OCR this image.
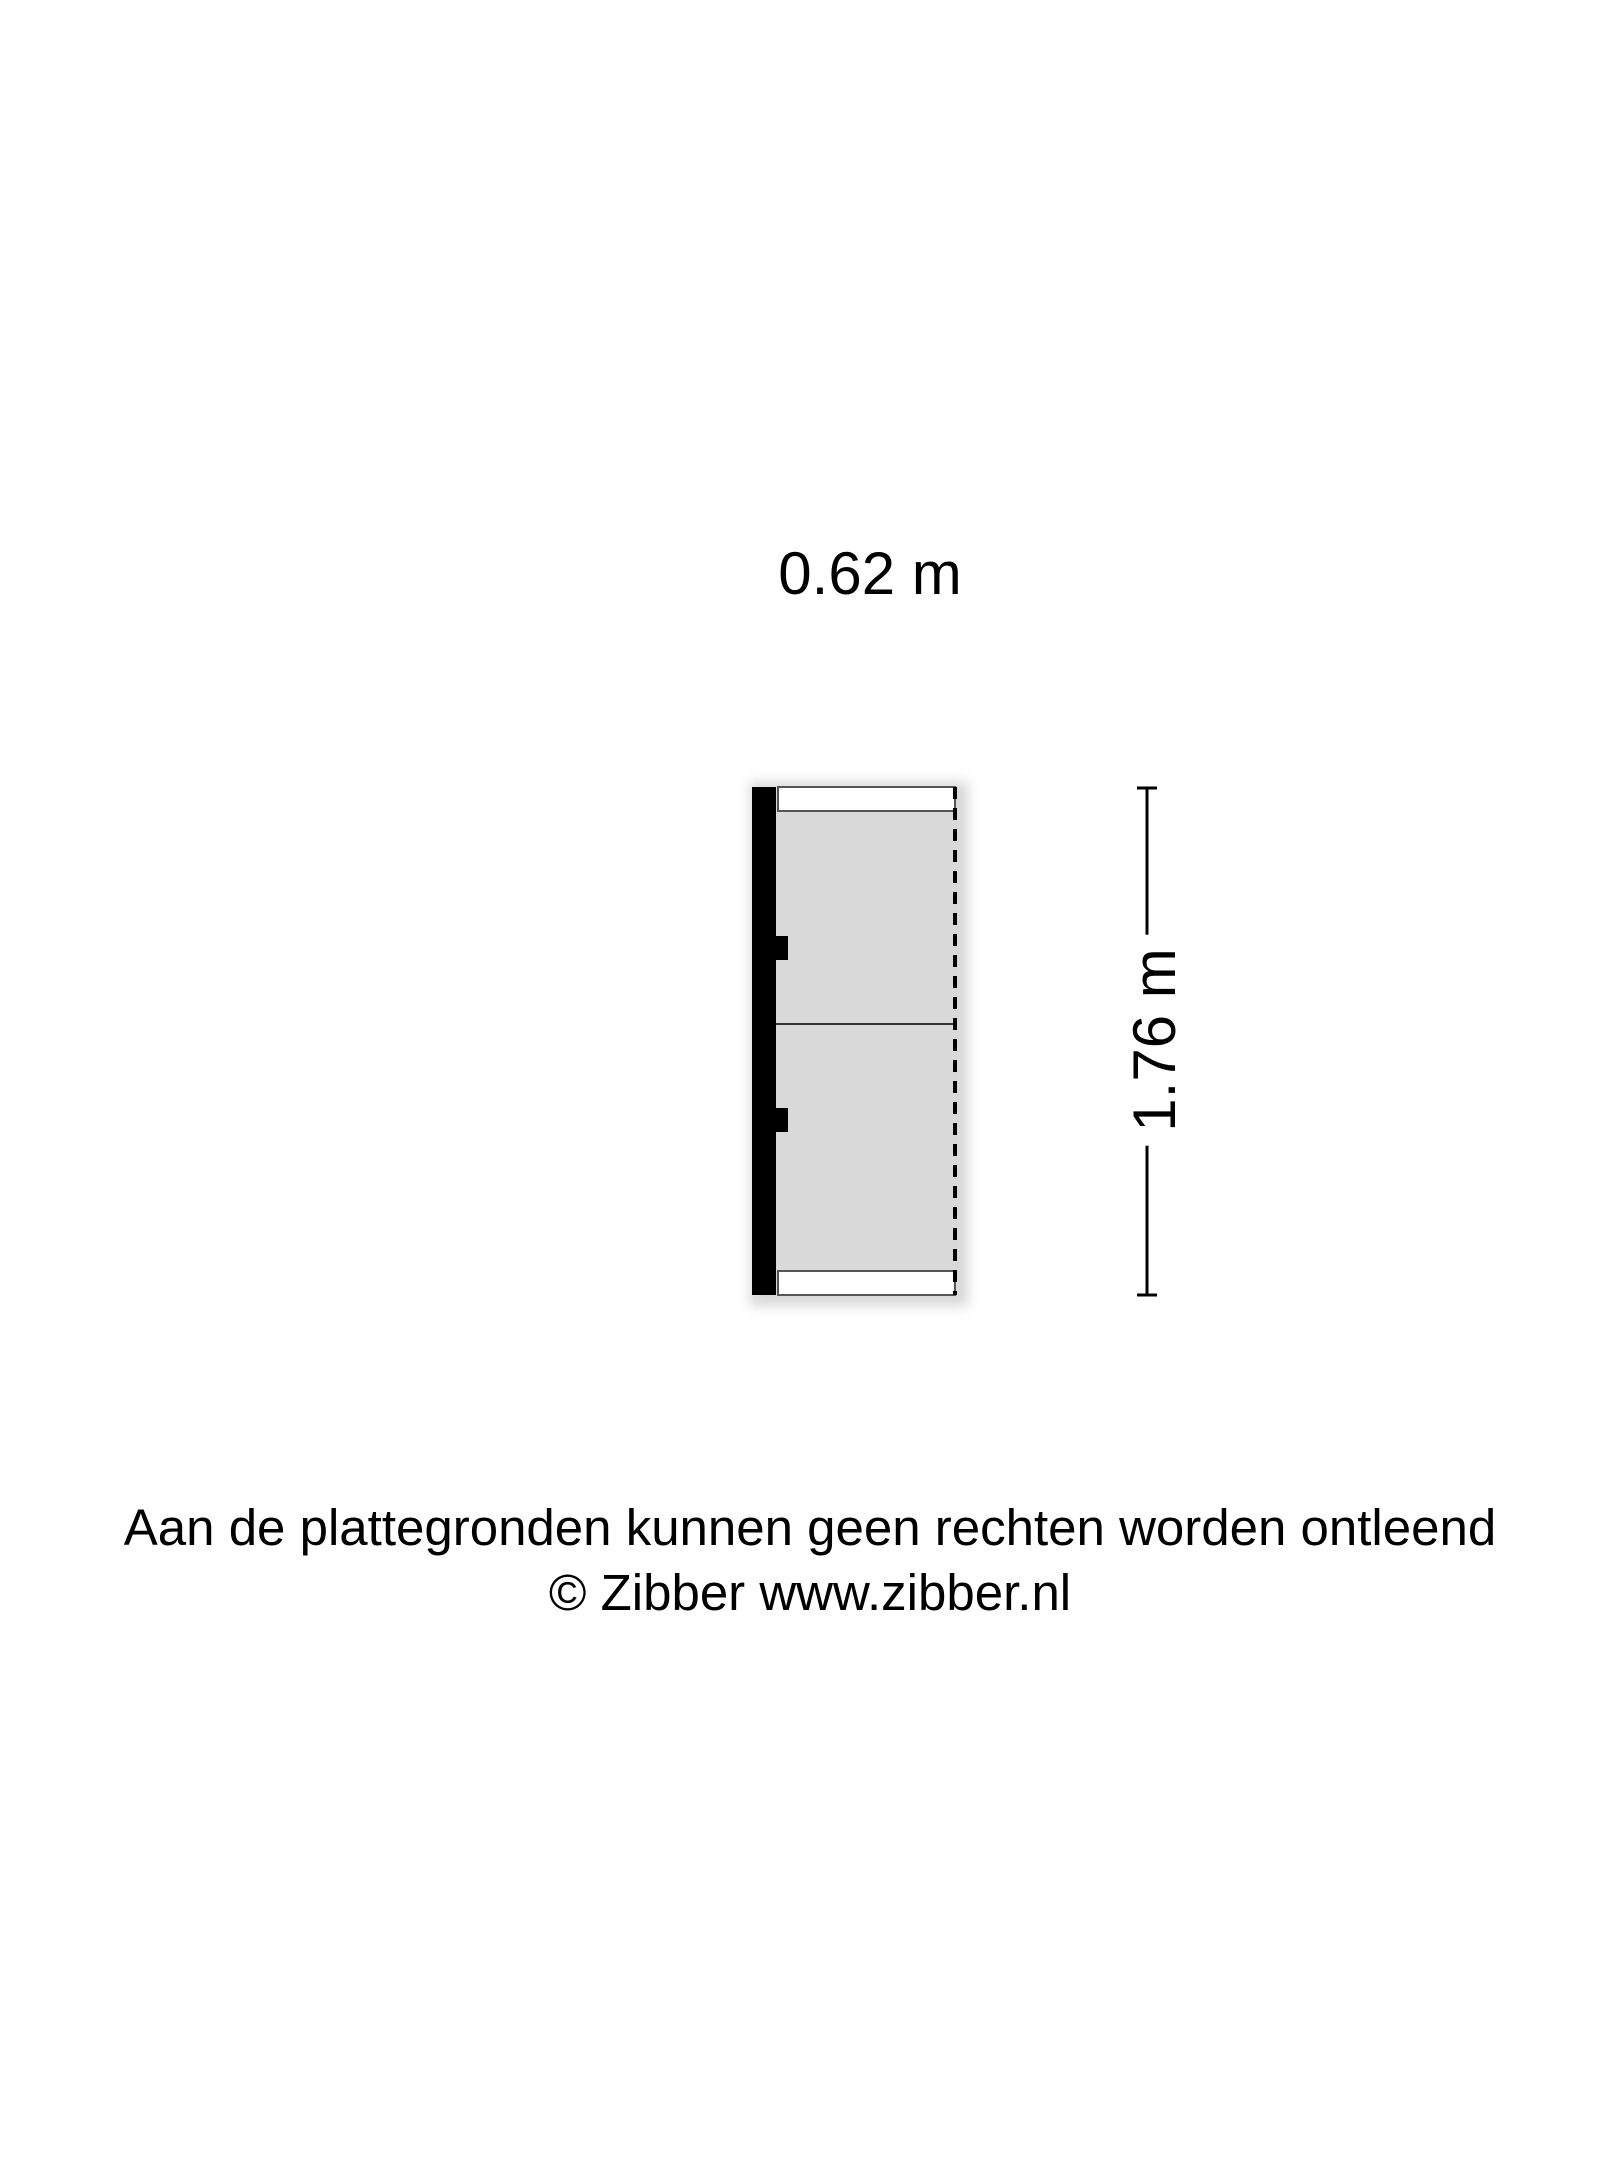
0.62 m
1.76 m
Aan de plattegronden kunnen geen rechten worden ontleend
© Zibber www.zibber.nl
